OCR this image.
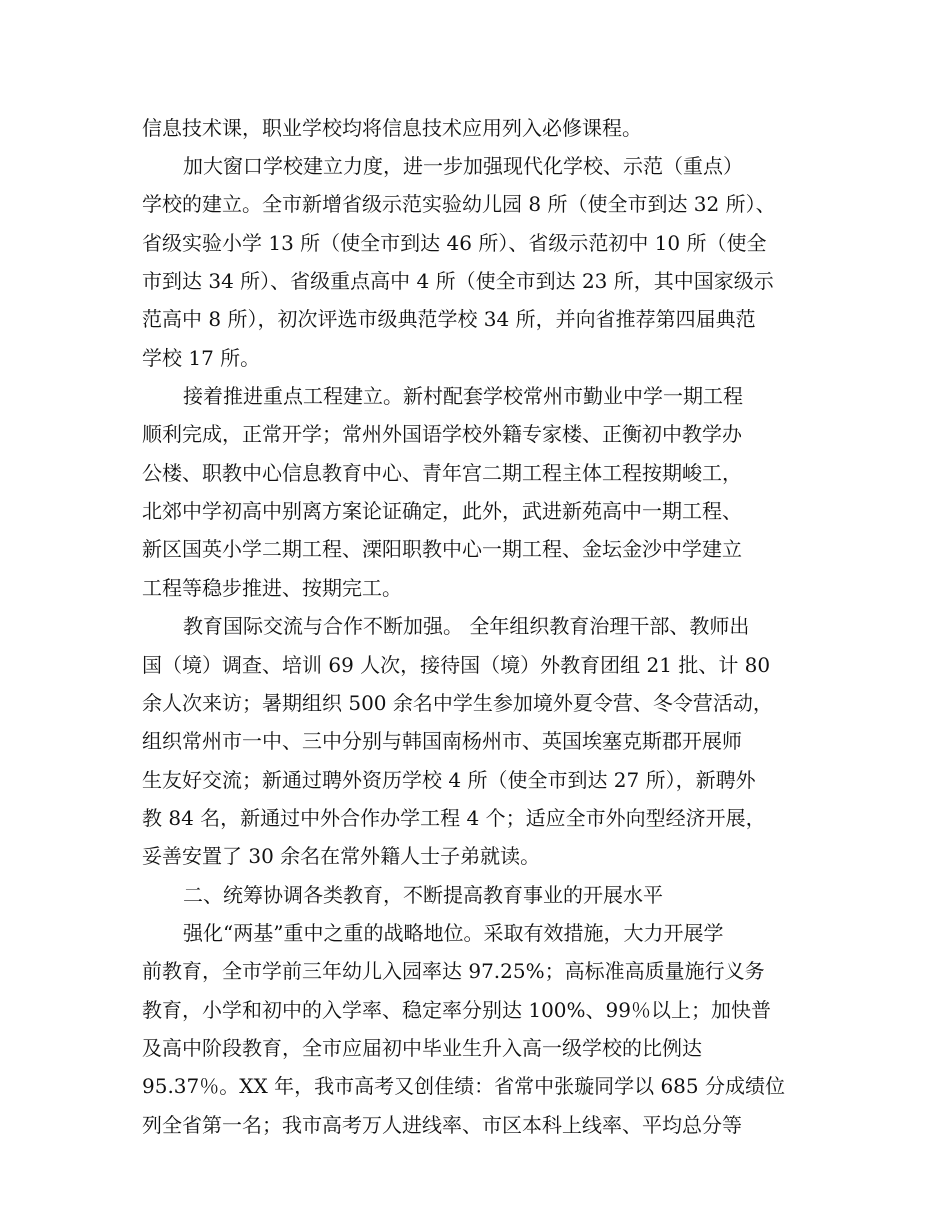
信息技术课，职业学校均将信息技术应用列入必修课程。
加大窗口学校建立力度，进一步加强现代化学校、示范（重点）
学校的建立。全市新增省级示范实验幼儿园 8 所（使全市到达 32 所）、
省级实验小学 13 所（使全市到达 46 所）、省级示范初中 10 所（使全
市到达 34 所）、省级重点高中 4 所（使全市到达 23 所，其中国家级示
范高中 8 所），初次评选市级典范学校 34 所，并向省推荐第四届典范
学校 17 所。
接着推进重点工程建立。新村配套学校常州市勤业中学一期工程
顺利完成，正常开学；常州外国语学校外籍专家楼、正衡初中教学办
公楼、职教中心信息教育中心、青年宫二期工程主体工程按期峻工，
北郊中学初高中别离方案论证确定，此外，武进新苑高中一期工程、
新区国英小学二期工程、溧阳职教中心一期工程、金坛金沙中学建立
工程等稳步推进、按期完工。
教育国际交流与合作不断加强。 全年组织教育治理干部、教师出
国（境）调查、培训 69 人次，接待国（境）外教育团组 21 批、计 80
余人次来访；暑期组织 500 余名中学生参加境外夏令营、冬令营活动，
组织常州市一中、三中分别与韩国南杨州市、英国埃塞克斯郡开展师
生友好交流；新通过聘外资历学校 4 所（使全市到达 27 所），新聘外
教 84 名，新通过中外合作办学工程 4 个；适应全市外向型经济开展，
妥善安置了 30 余名在常外籍人士子弟就读。
二、统筹协调各类教育，不断提高教育事业的开展水平
强化“两基”重中之重的战略地位。采取有效措施，大力开展学
前教育，全市学前三年幼儿入园率达 97.25%；高标准高质量施行义务
教育，小学和初中的入学率、稳定率分别达 100%、99％以上；加快普
及高中阶段教育，全市应届初中毕业生升入高一级学校的比例达
95.37％。XX 年，我市高考又创佳绩：省常中张璇同学以 685 分成绩位
列全省第一名；我市高考万人进线率、市区本科上线率、平均总分等
